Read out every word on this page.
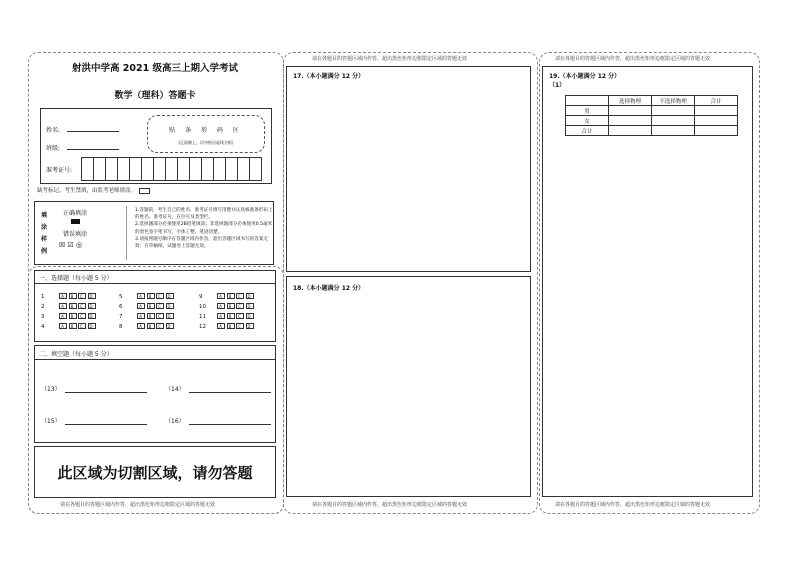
请在各题目的答题区域内作答，超出黑色矩形边框限定区域的答题无效	请在各题目的答题区域内作答，超出黑色矩形边框限定区域的答题无效
请在各题目的答题区域内作答，超出黑色矩形边框限定区域的答题无效	请在各题目的答题区域内作答，超出黑色矩形边框限定区域的答题无效	请在各题目的答题区域内作答，超出黑色矩形边框限定区域的答题无效
射洪中学高 2021 级高三上期入学考试
数学（理科）答题卡
姓名:
班级:
贴 条 形 码 区
(正面朝上，切勿贴出虚线方框)
准考证号:
缺考标记，考生禁填，由监考老师填涂。
填
涂
样
例
正确填涂
错误填涂
☒ ☑ ◎
1.答题前，考生自己的姓名、准考证号填写清楚并认真核准条形码上的姓名、准考证号，在位号及类型栏。
2.选择题部分必须使用2B铅笔填涂；非选择题部分必须使用0.5毫米的黑色签字笔书写，字体工整、笔迹清楚。
3.请按照题号顺序在答题区域内作答，超出答题区域书写的答案无效；在草稿纸、试题卷上答题无效。
一、选择题（每小题 5 分）
1	A B C D
2	A B C D
3	A B C D
4	A B C D
5	A B C D
6	A B C D
7	A B C D
8	A B C D
9	A B C D
10	A B C D
11	A B C D
12	A B C D
二、填空题（每小题 5 分）
（13）	（14）
（15）	（16）
此区域为切割区域，请勿答题
17.（本小题满分 12 分）
18.（本小题满分 12 分）
19.（本小题满分 12 分）
（1）
	选择物理	不选择物理	合计
男			
女			
合计			
